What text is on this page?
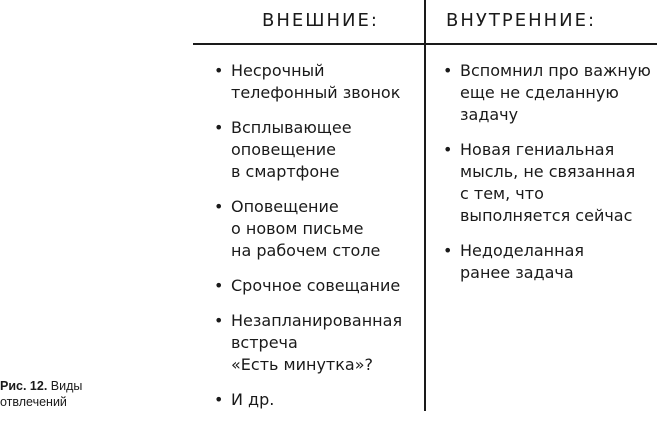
ВНЕШНИЕ:	ВНУТРЕННИЕ:
• Несрочный
телефонный звонок
• Всплывающее
оповещение
в смартфоне
• Оповещение
о новом письме
на рабочем столе
• Срочное совещание
• Незапланированная
встреча
«Есть минутка»?
• И др.
• Вспомнил про важную
еще не сделанную
задачу
• Новая гениальная
мысль, не связанная
с тем, что
выполняется сейчас
• Недоделанная
ранее задача
Рис. 12. Виды
отвлечений
